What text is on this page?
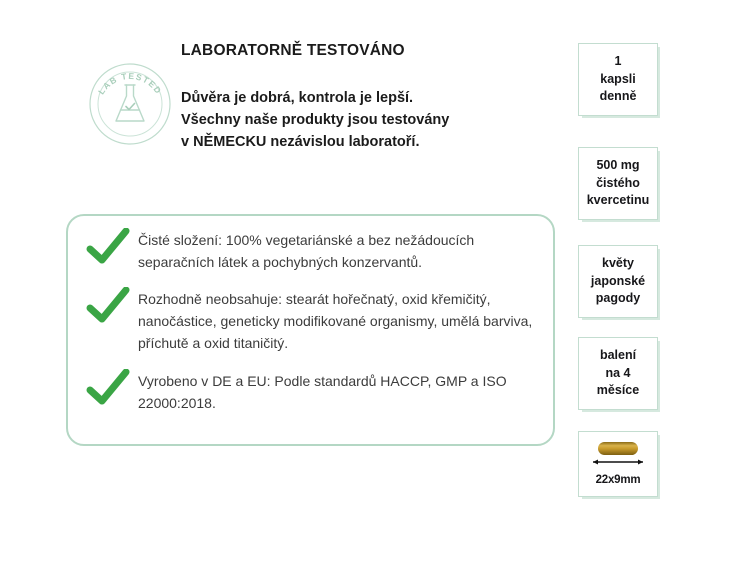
LAB TESTED
LABORATORNĚ TESTOVÁNO
Důvěra je dobrá, kontrola je lepší.
Všechny naše produkty jsou testovány
v NĚMECKU nezávislou laboratoří.
Čisté složení: 100% vegetariánské a bez nežádoucích separačních látek a pochybných konzervantů.
Rozhodně neobsahuje: stearát hořečnatý, oxid křemičitý, nanočástice, geneticky modifikované organismy, umělá barviva, příchutě a oxid titaničitý.
Vyrobeno v DE a EU: Podle standardů HACCP, GMP a ISO 22000:2018.
1
kapsli
denně
500 mg
čistého
kvercetinu
květy
japonské
pagody
balení
na 4
měsíce
22x9mm
